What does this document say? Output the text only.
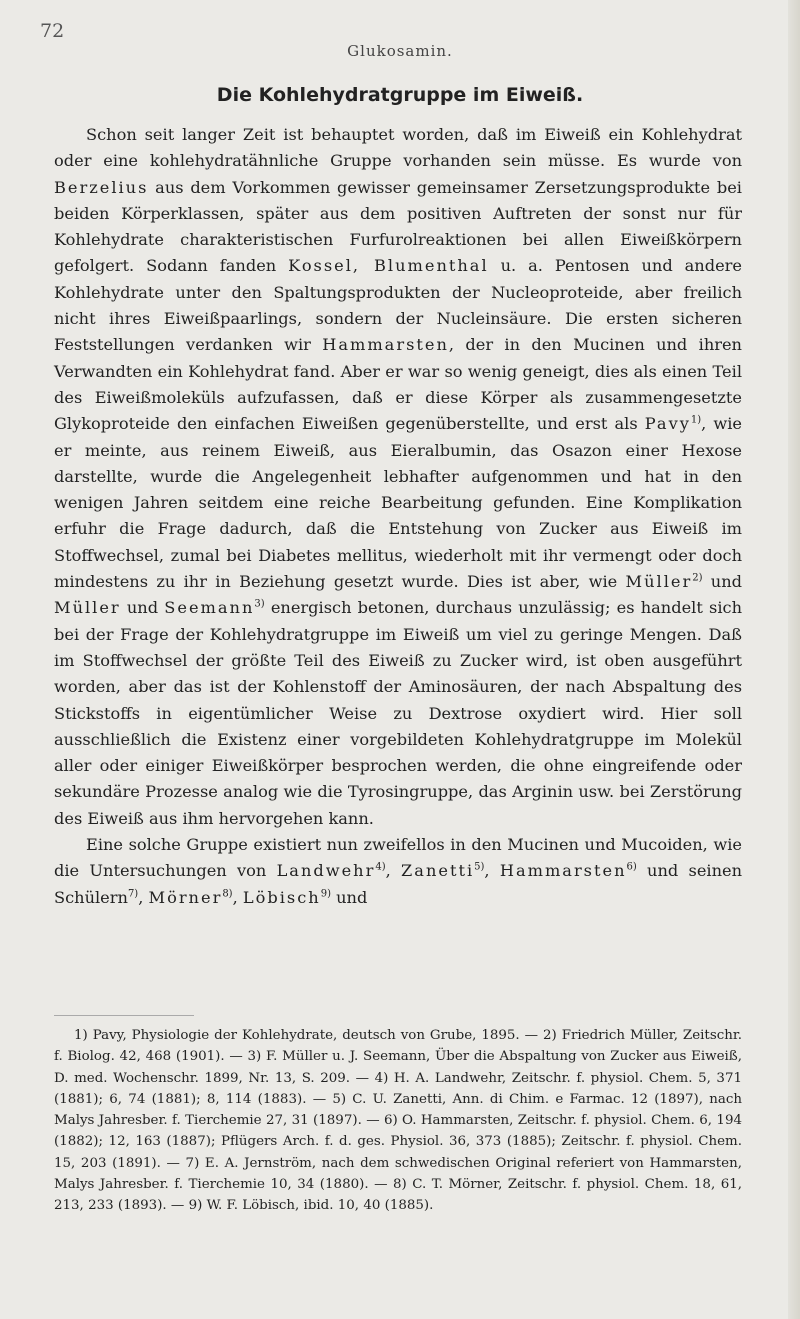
72
Glukosamin.
Die Kohlehydratgruppe im Eiweiß.

Schon seit langer Zeit ist behauptet worden, daß im Eiweiß ein Kohlehydrat oder eine kohlehydratähnliche Gruppe vorhanden sein müsse. Es wurde von Berzelius aus dem Vorkommen gewisser gemeinsamer Zersetzungsprodukte bei beiden Körperklassen, später aus dem positiven Auftreten der sonst nur für Kohlehydrate charakteristischen Furfurolreaktionen bei allen Eiweißkörpern gefolgert. Sodann fanden Kossel, Blumenthal u. a. Pentosen und andere Kohlehydrate unter den Spaltungsprodukten der Nucleoproteide, aber freilich nicht ihres Eiweißpaarlings, sondern der Nucleinsäure. Die ersten sicheren Feststellungen verdanken wir Hammarsten, der in den Mucinen und ihren Verwandten ein Kohlehydrat fand. Aber er war so wenig geneigt, dies als einen Teil des Eiweißmoleküls aufzufassen, daß er diese Körper als zusammengesetzte Glykoproteide den einfachen Eiweißen gegenüberstellte, und erst als Pavy$^{1)}$, wie er meinte, aus reinem Eiweiß, aus Eieralbumin, das Osazon einer Hexose darstellte, wurde die Angelegenheit lebhafter aufgenommen und hat in den wenigen Jahren seitdem eine reiche Bearbeitung gefunden. Eine Komplikation erfuhr die Frage dadurch, daß die Entstehung von Zucker aus Eiweiß im Stoffwechsel, zumal bei Diabetes mellitus, wiederholt mit ihr vermengt oder doch mindestens zu ihr in Beziehung gesetzt wurde. Dies ist aber, wie Müller$^{2)}$ und Müller und Seemann$^{3)}$ energisch betonen, durchaus unzulässig; es handelt sich bei der Frage der Kohlehydratgruppe im Eiweiß um viel zu geringe Mengen. Daß im Stoffwechsel der größte Teil des Eiweiß zu Zucker wird, ist oben ausgeführt worden, aber das ist der Kohlenstoff der Aminosäuren, der nach Abspaltung des Stickstoffs in eigentümlicher Weise zu Dextrose oxydiert wird. Hier soll ausschließlich die Existenz einer vorgebildeten Kohlehydratgruppe im Molekül aller oder einiger Eiweißkörper besprochen werden, die ohne eingreifende oder sekundäre Prozesse analog wie die Tyrosingruppe, das Arginin usw. bei Zerstörung des Eiweiß aus ihm hervorgehen kann.

Eine solche Gruppe existiert nun zweifellos in den Mucinen und Mucoiden, wie die Untersuchungen von Landwehr$^{4)}$, Zanetti$^{5)}$, Hammarsten$^{6)}$ und seinen Schülern$^{7)}$, Mörner$^{8)}$, Löbisch$^{9)}$ und

1) Pavy, Physiologie der Kohlehydrate, deutsch von Grube, 1895. — 2) Friedrich Müller, Zeitschr. f. Biolog. 42, 468 (1901). — 3) F. Müller u. J. Seemann, Über die Abspaltung von Zucker aus Eiweiß, D. med. Wochenschr. 1899, Nr. 13, S. 209. — 4) H. A. Landwehr, Zeitschr. f. physiol. Chem. 5, 371 (1881); 6, 74 (1881); 8, 114 (1883). — 5) C. U. Zanetti, Ann. di Chim. e Farmac. 12 (1897), nach Malys Jahresber. f. Tierchemie 27, 31 (1897). — 6) O. Hammarsten, Zeitschr. f. physiol. Chem. 6, 194 (1882); 12, 163 (1887); Pflügers Arch. f. d. ges. Physiol. 36, 373 (1885); Zeitschr. f. physiol. Chem. 15, 203 (1891). — 7) E. A. Jernström, nach dem schwedischen Original referiert von Hammarsten, Malys Jahresber. f. Tierchemie 10, 34 (1880). — 8) C. T. Mörner, Zeitschr. f. physiol. Chem. 18, 61, 213, 233 (1893). — 9) W. F. Löbisch, ibid. 10, 40 (1885).
